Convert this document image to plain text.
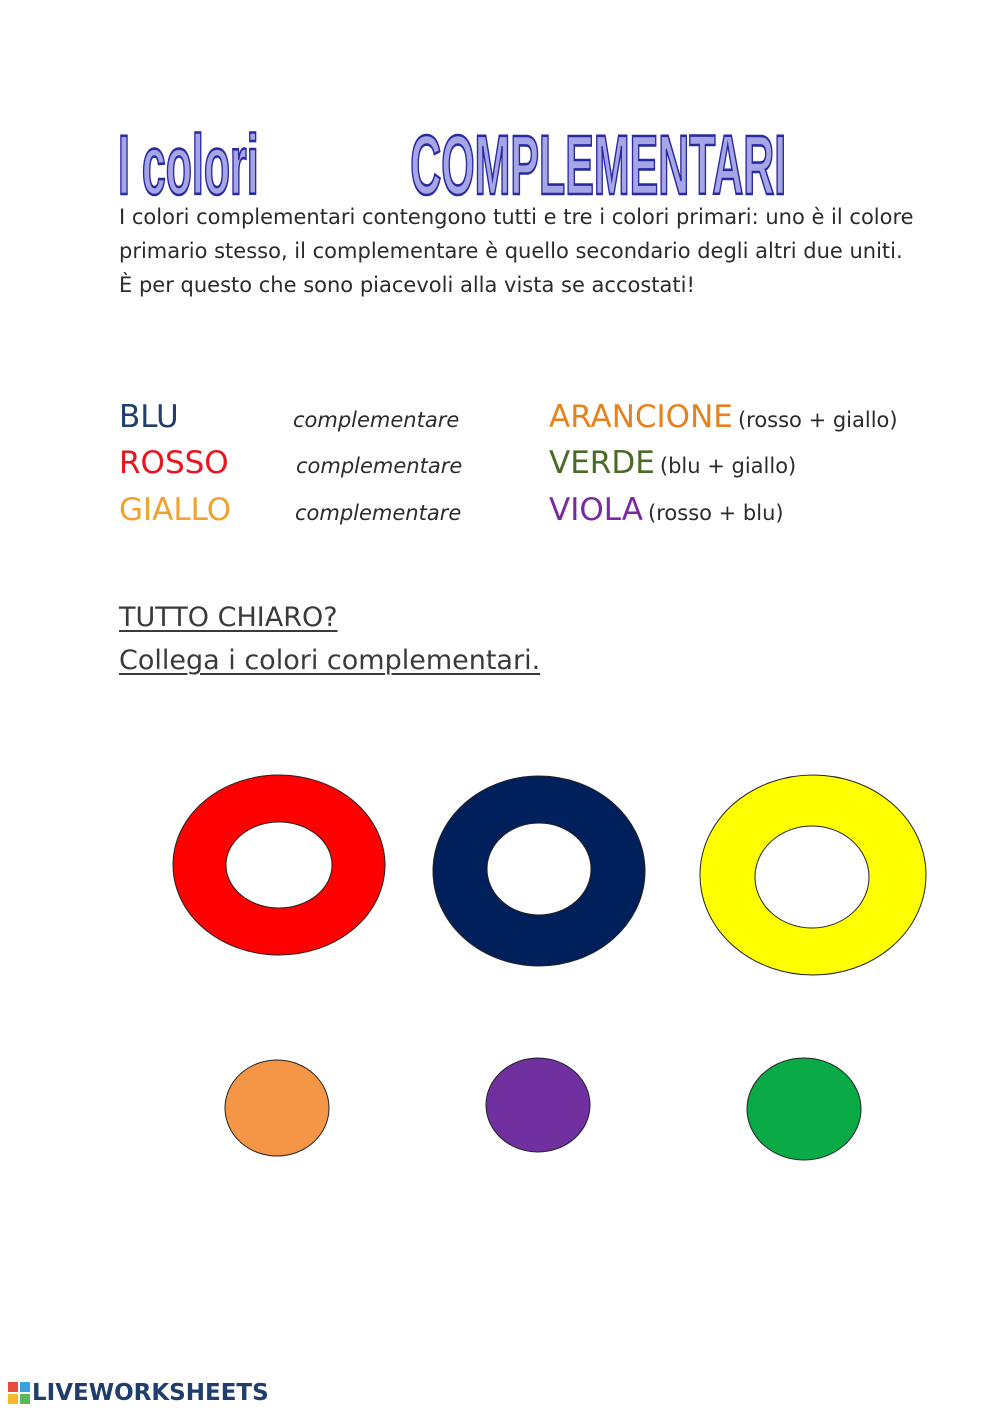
I colori	COMPLEMENTARI

I colori complementari contengono tutti e tre i colori primari: uno è il colore primario stesso, il complementare è quello secondario degli altri due uniti.

È per questo che sono piacevoli alla vista se accostati!

BLU	complementare	ARANCIONE (rosso + giallo)
ROSSO	complementare	VERDE (blu + giallo)
GIALLO	complementare	VIOLA (rosso + blu)
TUTTO CHIARO?
Collega i colori complementari.
LIVEWORKSHEETS
